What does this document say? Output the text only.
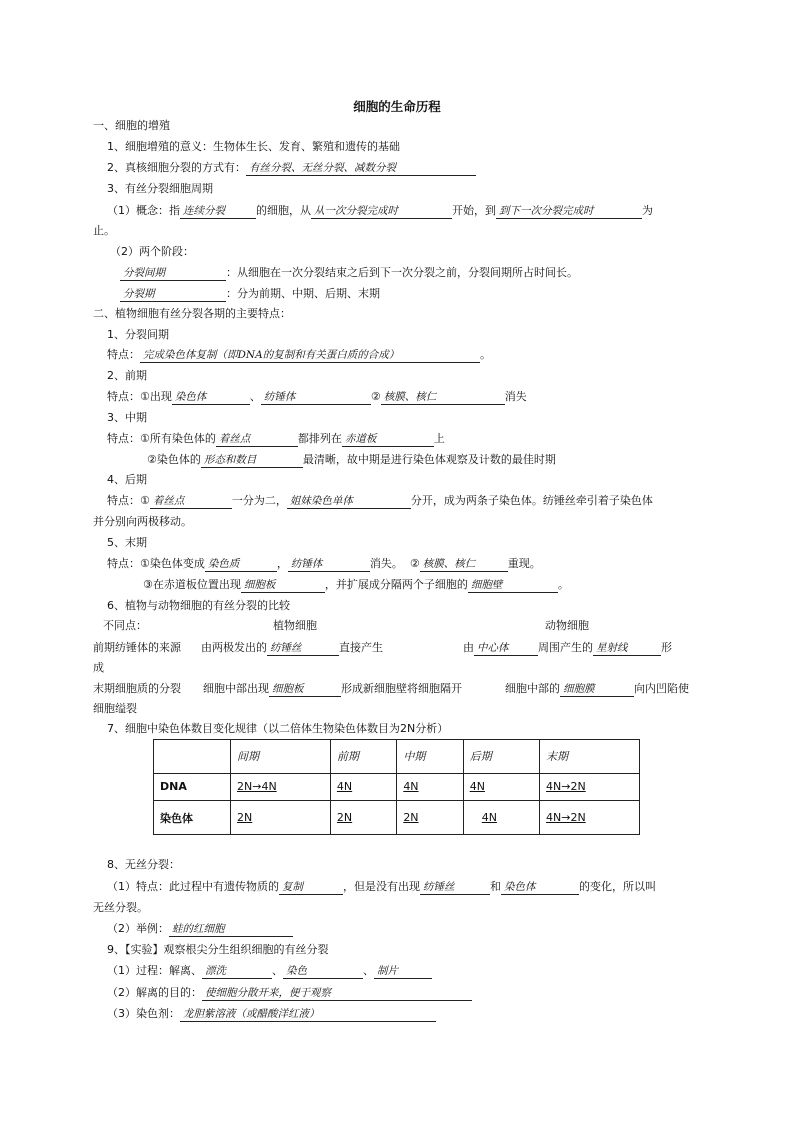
细胞的生命历程
一、细胞的增殖
1、细胞增殖的意义：生物体生长、发育、繁殖和遗传的基础
2、真核细胞分裂的方式有： 有丝分裂、无丝分裂、减数分裂
3、有丝分裂细胞周期
（1）概念：指 连续分裂	的细胞，从 从一次分裂完成时	开始，到 到下一次分裂完成时	为
止。
（2）两个阶段：
分裂间期	：从细胞在一次分裂结束之后到下一次分裂之前，分裂间期所占时间长。
分裂期	：分为前期、中期、后期、末期
二、植物细胞有丝分裂各期的主要特点：
1、分裂间期
特点： 完成染色体复制（即DNA的复制和有关蛋白质的合成）	。
2、前期
特点：①出现 染色体	、 纺锤体	② 核膜、核仁	消失
3、中期
特点：①所有染色体的 着丝点	都排列在 赤道板	上
②染色体的 形态和数目	最清晰，故中期是进行染色体观察及计数的最佳时期
4、后期
特点：① 着丝点	一分为二， 姐妹染色单体	分开，成为两条子染色体。纺锤丝牵引着子染色体
并分别向两极移动。
5、末期
特点：①染色体变成 染色质	， 纺锤体	消失。 ② 核膜、核仁	重现。
③在赤道板位置出现 细胞板	，并扩展成分隔两个子细胞的 细胞壁	。
6、植物与动物细胞的有丝分裂的比较
不同点：	植物细胞	动物细胞
前期纺锤体的来源 由两极发出的 纺锤丝	直接产生	由 中心体	周围产生的 星射线	形
成
末期细胞质的分裂 细胞中部出现 细胞板	形成新细胞壁将细胞隔开	细胞中部的 细胞膜	向内凹陷使
细胞缢裂
7、细胞中染色体数目变化规律（以二倍体生物染色体数目为2N分析）
	间期	前期	中期	后期	末期
DNA	2N→4N	4N	4N	4N	4N→2N
染色体	2N	2N	2N	4N	4N→2N
8、无丝分裂：
（1）特点：此过程中有遗传物质的 复制	，但是没有出现 纺锤丝	和 染色体	的变化，所以叫
无丝分裂。
（2）举例： 蛙的红细胞
9、【实验】观察根尖分生组织细胞的有丝分裂
（1）过程：解离、 漂洗	、 染色	、 制片
（2）解离的目的： 使细胞分散开来，便于观察
（3）染色剂： 龙胆紫溶液（或醋酸洋红液）
